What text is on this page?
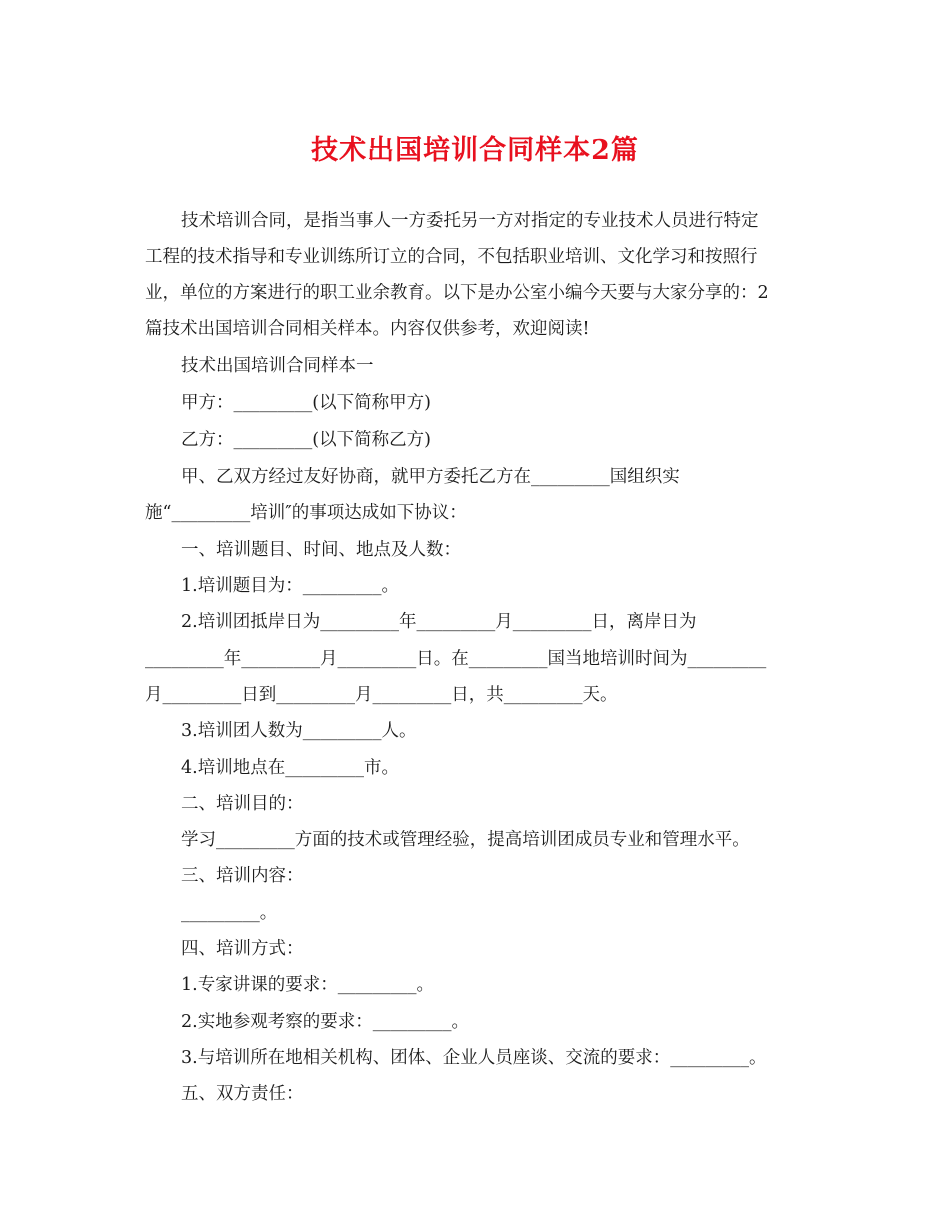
技术出国培训合同样本2篇
技术培训合同，是指当事人一方委托另一方对指定的专业技术人员进行特定
工程的技术指导和专业训练所订立的合同，不包括职业培训、文化学习和按照行
业，单位的方案进行的职工业余教育。以下是办公室小编今天要与大家分享的：2
篇技术出国培训合同相关样本。内容仅供参考，欢迎阅读!
技术出国培训合同样本一
甲方：_________(以下简称甲方)
乙方：_________(以下简称乙方)
甲、乙双方经过友好协商，就甲方委托乙方在_________国组织实
施“_________培训″的事项达成如下协议：
一、培训题目、时间、地点及人数：
1.培训题目为：_________。
2.培训团抵岸日为_________年_________月_________日，离岸日为
_________年_________月_________日。在_________国当地培训时间为_________
月_________日到_________月_________日，共_________天。
3.培训团人数为_________人。
4.培训地点在_________市。
二、培训目的：
学习_________方面的技术或管理经验，提高培训团成员专业和管理水平。
三、培训内容：
_________。
四、培训方式：
1.专家讲课的要求：_________。
2.实地参观考察的要求：_________。
3.与培训所在地相关机构、团体、企业人员座谈、交流的要求：_________。
五、双方责任：
